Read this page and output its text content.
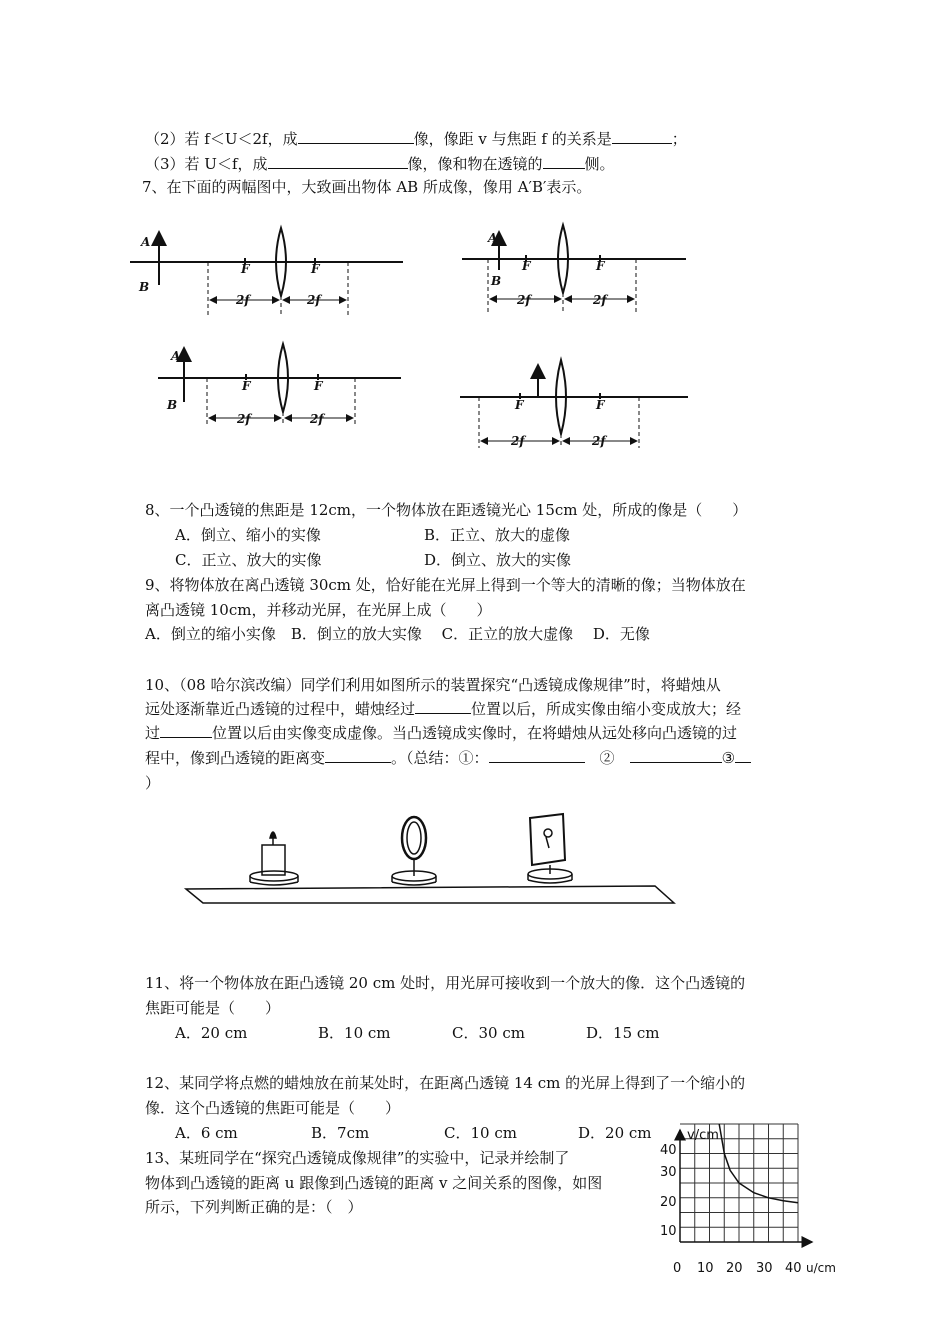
（2）若 f＜U＜2f，成	像，像距 v 与焦距 f 的关系是	；
（3）若 U＜f，成	像，像和物在透镜的	侧。
7、在下面的两幅图中，大致画出物体 AB 所成像，像用 A′B′表示。
A
B
F	F
2f	2f
A
B
F	F
2f	2f
A
B
F	F
2f	2f
F	F
2f	2f
v/cm
u/cm
0 10 20 30 40
10
20
30
40
8、一个凸透镜的焦距是 12cm，一个物体放在距透镜光心 15cm 处，所成的像是（　　）
A．倒立、缩小的实像	B．正立、放大的虚像
C．正立、放大的实像	D．倒立、放大的实像
9、将物体放在离凸透镜 30cm 处，恰好能在光屏上得到一个等大的清晰的像；当物体放在
离凸透镜 10cm，并移动光屏，在光屏上成（　　）
A．倒立的缩小实像　B．倒立的放大实像　 C．正立的放大虚像　 D．无像
10、（08 哈尔滨改编）同学们利用如图所示的装置探究“凸透镜成像规律”时，将蜡烛从
远处逐渐靠近凸透镜的过程中，蜡烛经过	位置以后，所成实像由缩小变成放大；经
过	位置以后由实像变成虚像。当凸透镜成实像时，在将蜡烛从远处移向凸透镜的过
程中，像到凸透镜的距离变	。（总结：①：　	②　	③
）
11、将一个物体放在距凸透镜 20 cm 处时，用光屏可接收到一个放大的像．这个凸透镜的
焦距可能是（　　）
A．20 cm	B．10 cm	C．30 cm	D．15 cm
12、某同学将点燃的蜡烛放在前某处时，在距离凸透镜 14 cm 的光屏上得到了一个缩小的
像．这个凸透镜的焦距可能是（　　）
A．6 cm	B．7cm	C．10 cm	D．20 cm
13、某班同学在“探究凸透镜成像规律”的实验中，记录并绘制了
物体到凸透镜的距离 u 跟像到凸透镜的距离 v 之间关系的图像，如图
所示，下列判断正确的是：（　）
